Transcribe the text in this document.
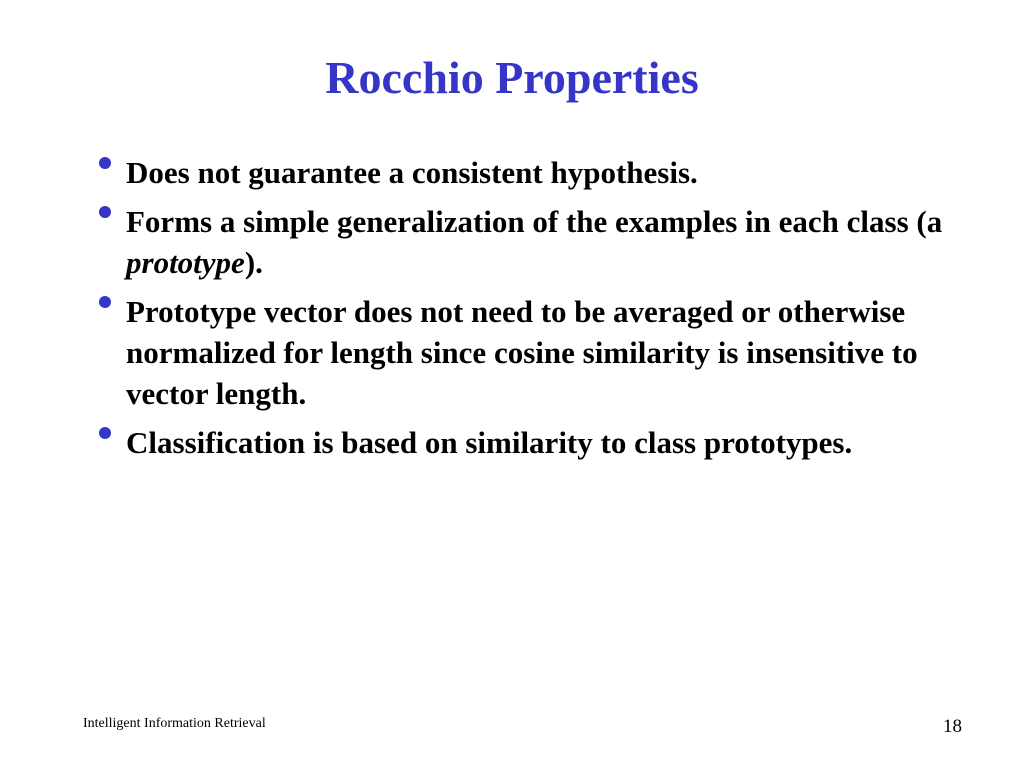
Rocchio Properties
Does not guarantee a consistent hypothesis.
Forms a simple generalization of the examples in each class (a prototype).
Prototype vector does not need to be averaged or otherwise normalized for length since cosine similarity is insensitive to vector length.
Classification is based on similarity to class prototypes.
Intelligent Information Retrieval	18
